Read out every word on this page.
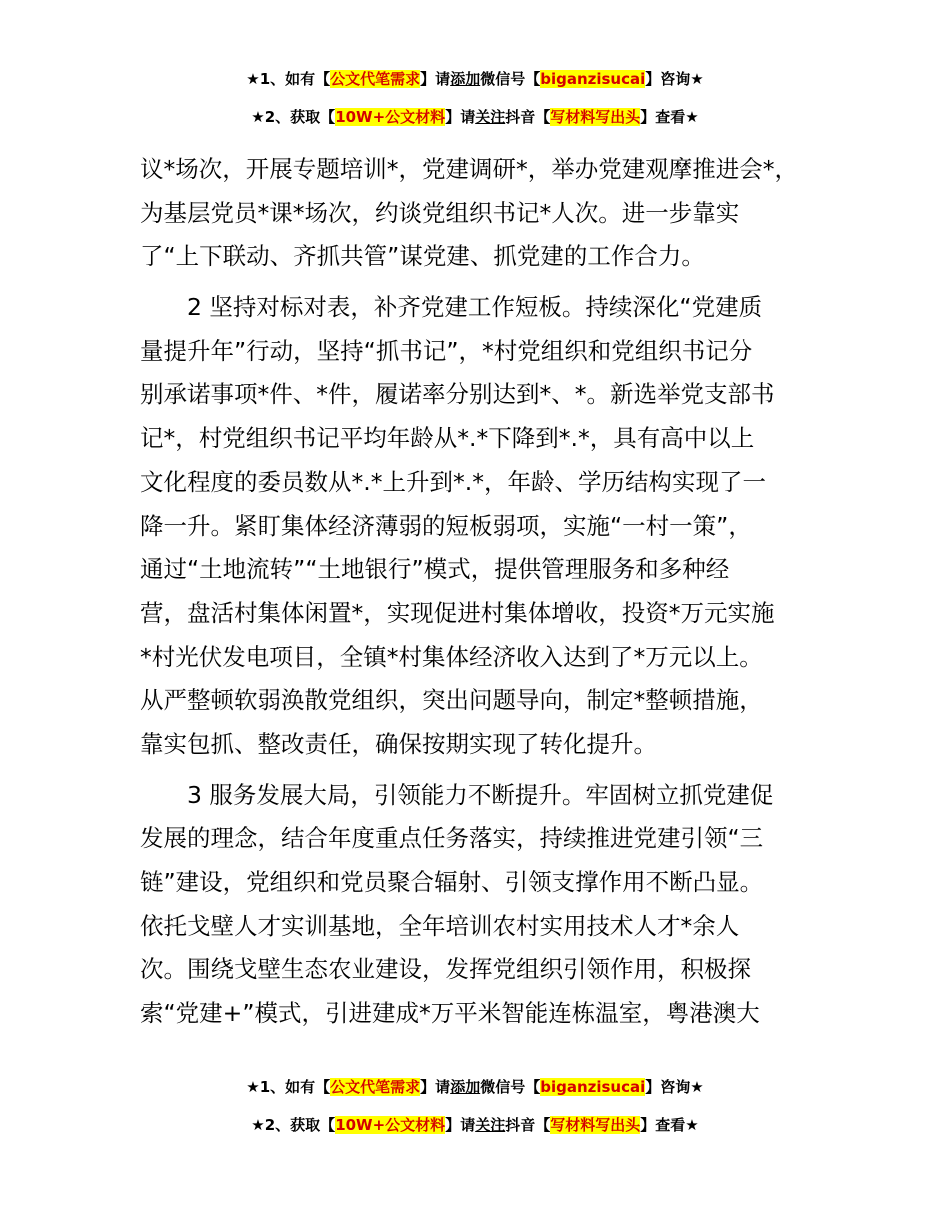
★1、如有【公文代笔需求】请添加微信号【biganzisucai】咨询★
★2、获取【10W+公文材料】请关注抖音【写材料写出头】查看★
议*场次，开展专题培训*，党建调研*，举办党建观摩推进会*，
为基层党员*课*场次，约谈党组织书记*人次。进一步靠实
了“上下联动、齐抓共管”谋党建、抓党建的工作合力。
2 坚持对标对表，补齐党建工作短板。持续深化“党建质
量提升年”行动，坚持“抓书记”，*村党组织和党组织书记分
别承诺事项*件、*件，履诺率分别达到*、*。新选举党支部书
记*，村党组织书记平均年龄从*.*下降到*.*，具有高中以上
文化程度的委员数从*.*上升到*.*，年龄、学历结构实现了一
降一升。紧盯集体经济薄弱的短板弱项，实施“一村一策”，
通过“土地流转”“土地银行”模式，提供管理服务和多种经
营，盘活村集体闲置*，实现促进村集体增收，投资*万元实施
*村光伏发电项目，全镇*村集体经济收入达到了*万元以上。
从严整顿软弱涣散党组织，突出问题导向，制定*整顿措施，
靠实包抓、整改责任，确保按期实现了转化提升。
3 服务发展大局，引领能力不断提升。牢固树立抓党建促
发展的理念，结合年度重点任务落实，持续推进党建引领“三
链”建设，党组织和党员聚合辐射、引领支撑作用不断凸显。
依托戈壁人才实训基地，全年培训农村实用技术人才*余人
次。围绕戈壁生态农业建设，发挥党组织引领作用，积极探
索“党建+”模式，引进建成*万平米智能连栋温室，粤港澳大
★1、如有【公文代笔需求】请添加微信号【biganzisucai】咨询★
★2、获取【10W+公文材料】请关注抖音【写材料写出头】查看★
